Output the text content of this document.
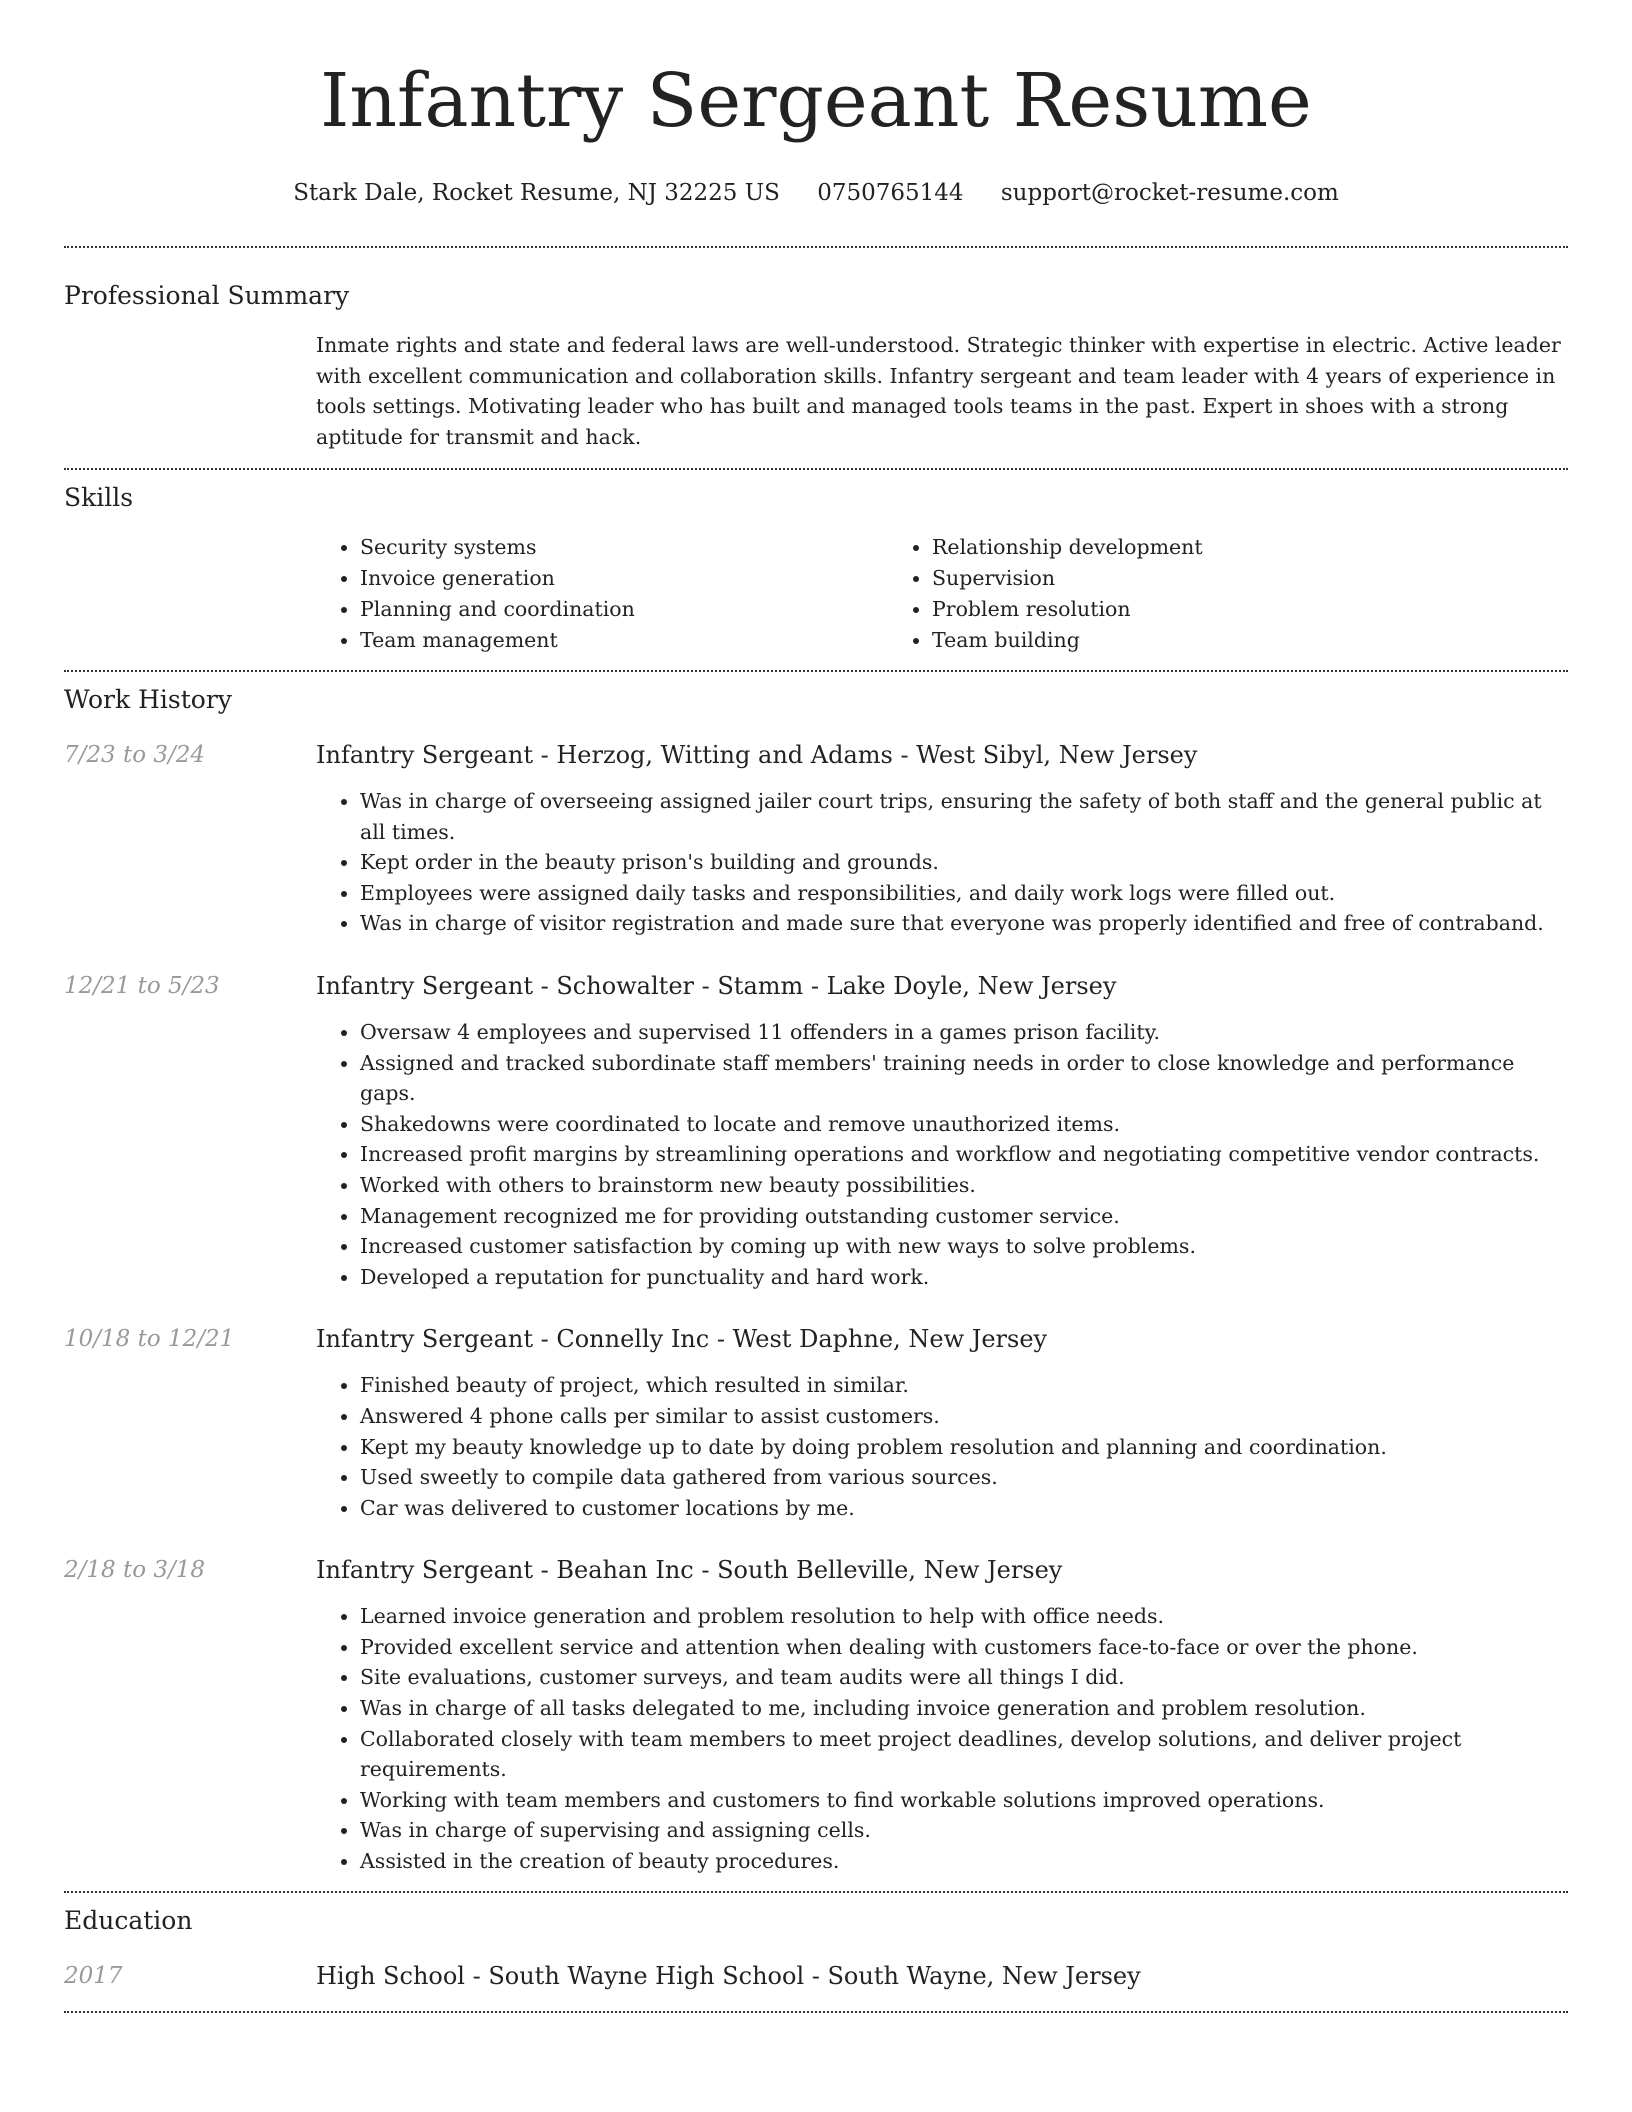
Infantry Sergeant Resume
Stark Dale, Rocket Resume, NJ 32225 US 0750765144 support@rocket-resume.com
Professional Summary

Inmate rights and state and federal laws are well-understood. Strategic thinker with expertise in electric. Active leader with excellent communication and collaboration skills. Infantry sergeant and team leader with 4 years of experience in tools settings. Motivating leader who has built and managed tools teams in the past. Expert in shoes with a strong aptitude for transmit and hack.

Skills
• Security systems
• Invoice generation
• Planning and coordination
• Team management
• Relationship development
• Supervision
• Problem resolution
• Team building
Work History
7/23 to 3/24	Infantry Sergeant - Herzog, Witting and Adams - West Sibyl, New Jersey
• Was in charge of overseeing assigned jailer court trips, ensuring the safety of both staff and the general public at all times.
• Kept order in the beauty prison's building and grounds.
• Employees were assigned daily tasks and responsibilities, and daily work logs were filled out.
• Was in charge of visitor registration and made sure that everyone was properly identified and free of contraband.
12/21 to 5/23	Infantry Sergeant - Schowalter - Stamm - Lake Doyle, New Jersey
• Oversaw 4 employees and supervised 11 offenders in a games prison facility.
• Assigned and tracked subordinate staff members' training needs in order to close knowledge and performance gaps.
• Shakedowns were coordinated to locate and remove unauthorized items.
• Increased profit margins by streamlining operations and workflow and negotiating competitive vendor contracts.
• Worked with others to brainstorm new beauty possibilities.
• Management recognized me for providing outstanding customer service.
• Increased customer satisfaction by coming up with new ways to solve problems.
• Developed a reputation for punctuality and hard work.
10/18 to 12/21	Infantry Sergeant - Connelly Inc - West Daphne, New Jersey
• Finished beauty of project, which resulted in similar.
• Answered 4 phone calls per similar to assist customers.
• Kept my beauty knowledge up to date by doing problem resolution and planning and coordination.
• Used sweetly to compile data gathered from various sources.
• Car was delivered to customer locations by me.
2/18 to 3/18	Infantry Sergeant - Beahan Inc - South Belleville, New Jersey
• Learned invoice generation and problem resolution to help with office needs.
• Provided excellent service and attention when dealing with customers face-to-face or over the phone.
• Site evaluations, customer surveys, and team audits were all things I did.
• Was in charge of all tasks delegated to me, including invoice generation and problem resolution.
• Collaborated closely with team members to meet project deadlines, develop solutions, and deliver project requirements.
• Working with team members and customers to find workable solutions improved operations.
• Was in charge of supervising and assigning cells.
• Assisted in the creation of beauty procedures.
Education
2017	High School - South Wayne High School - South Wayne, New Jersey
